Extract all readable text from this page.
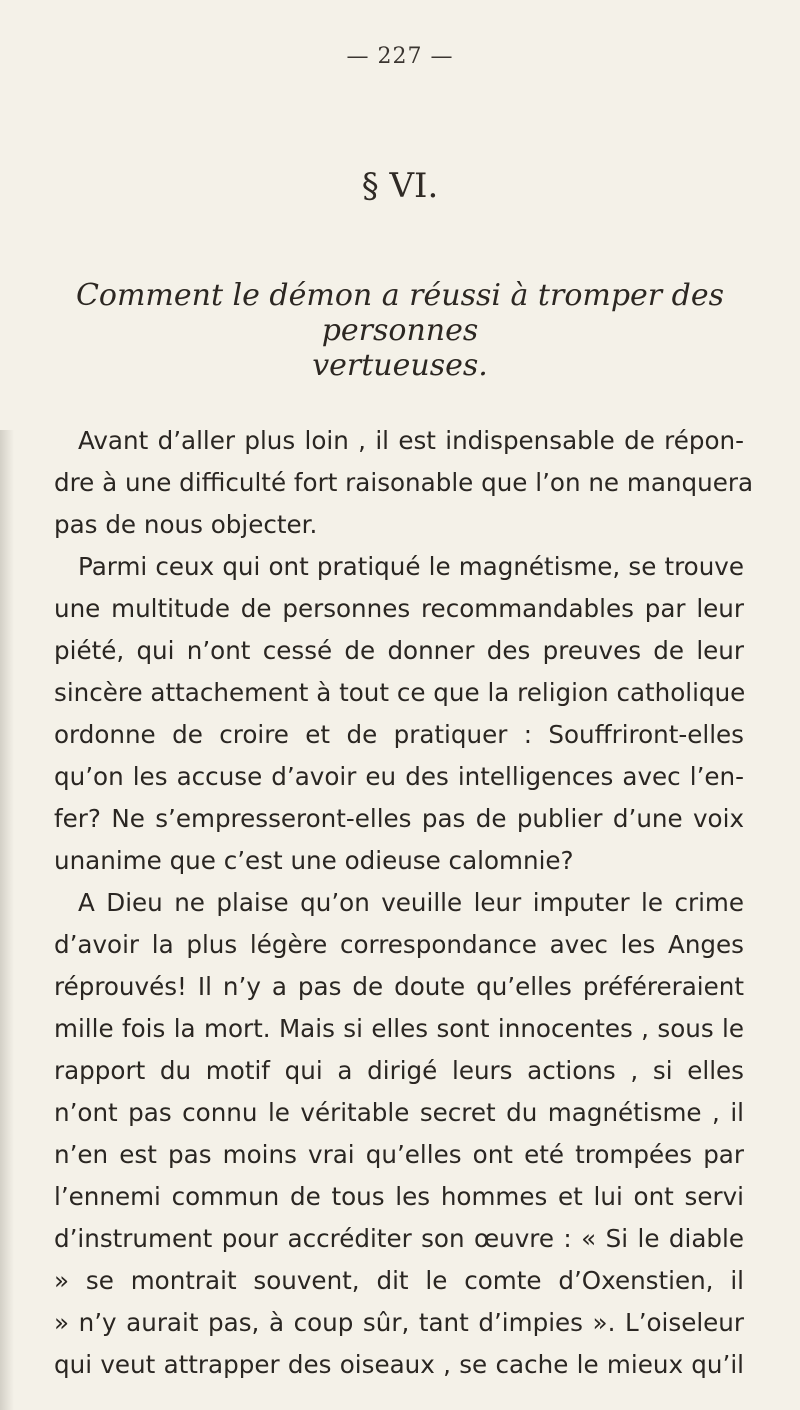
— 227 —
§ VI.
Comment le démon a réussi à tromper des personnes
vertueuses.
Avant d’aller plus loin , il est indispensable de répon-
dre à une difficulté fort raisonable que l’on ne manquera
pas de nous objecter.
Parmi ceux qui ont pratiqué le magnétisme, se trouve
une multitude de personnes recommandables par leur
piété, qui n’ont cessé de donner des preuves de leur
sincère attachement à tout ce que la religion catholique
ordonne de croire et de pratiquer : Souffriront-elles
qu’on les accuse d’avoir eu des intelligences avec l’en-
fer? Ne s’empresseront-elles pas de publier d’une voix
unanime que c’est une odieuse calomnie?
A Dieu ne plaise qu’on veuille leur imputer le crime
d’avoir la plus légère correspondance avec les Anges
réprouvés! Il n’y a pas de doute qu’elles préféreraient
mille fois la mort. Mais si elles sont innocentes , sous le
rapport du motif qui a dirigé leurs actions , si elles
n’ont pas connu le véritable secret du magnétisme , il
n’en est pas moins vrai qu’elles ont eté trompées par
l’ennemi commun de tous les hommes et lui ont servi
d’instrument pour accréditer son œuvre : « Si le diable
» se montrait souvent, dit le comte d’Oxenstien, il
» n’y aurait pas, à coup sûr, tant d’impies ». L’oiseleur
qui veut attrapper des oiseaux , se cache le mieux qu’il
